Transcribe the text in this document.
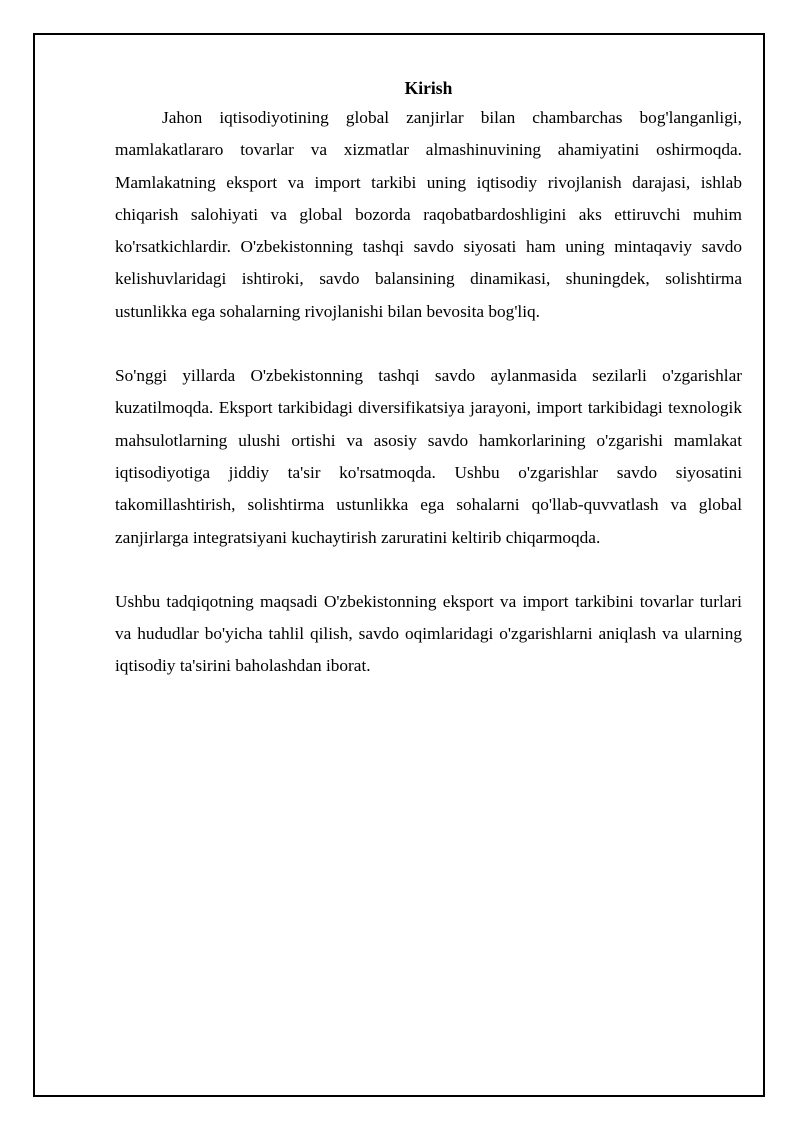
Kirish

Jahon iqtisodiyotining global zanjirlar bilan chambarchas bog'langanligi, mamlakatlararo tovarlar va xizmatlar almashinuvining ahamiyatini oshirmoqda. Mamlakatning eksport va import tarkibi uning iqtisodiy rivojlanish darajasi, ishlab chiqarish salohiyati va global bozorda raqobatbardoshligini aks ettiruvchi muhim ko'rsatkichlardir. O'zbekistonning tashqi savdo siyosati ham uning mintaqaviy savdo kelishuvlaridagi ishtiroki, savdo balansining dinamikasi, shuningdek, solishtirma ustunlikka ega sohalarning rivojlanishi bilan bevosita bog'liq.

So'nggi yillarda O'zbekistonning tashqi savdo aylanmasida sezilarli o'zgarishlar kuzatilmoqda. Eksport tarkibidagi diversifikatsiya jarayoni, import tarkibidagi texnologik mahsulotlarning ulushi ortishi va asosiy savdo hamkorlarining o'zgarishi mamlakat iqtisodiyotiga jiddiy ta'sir ko'rsatmoqda. Ushbu o'zgarishlar savdo siyosatini takomillashtirish, solishtirma ustunlikka ega sohalarni qo'llab-quvvatlash va global zanjirlarga integratsiyani kuchaytirish zaruratini keltirib chiqarmoqda.

Ushbu tadqiqotning maqsadi O'zbekistonning eksport va import tarkibini tovarlar turlari va hududlar bo'yicha tahlil qilish, savdo oqimlaridagi o'zgarishlarni aniqlash va ularning iqtisodiy ta'sirini baholashdan iborat.
